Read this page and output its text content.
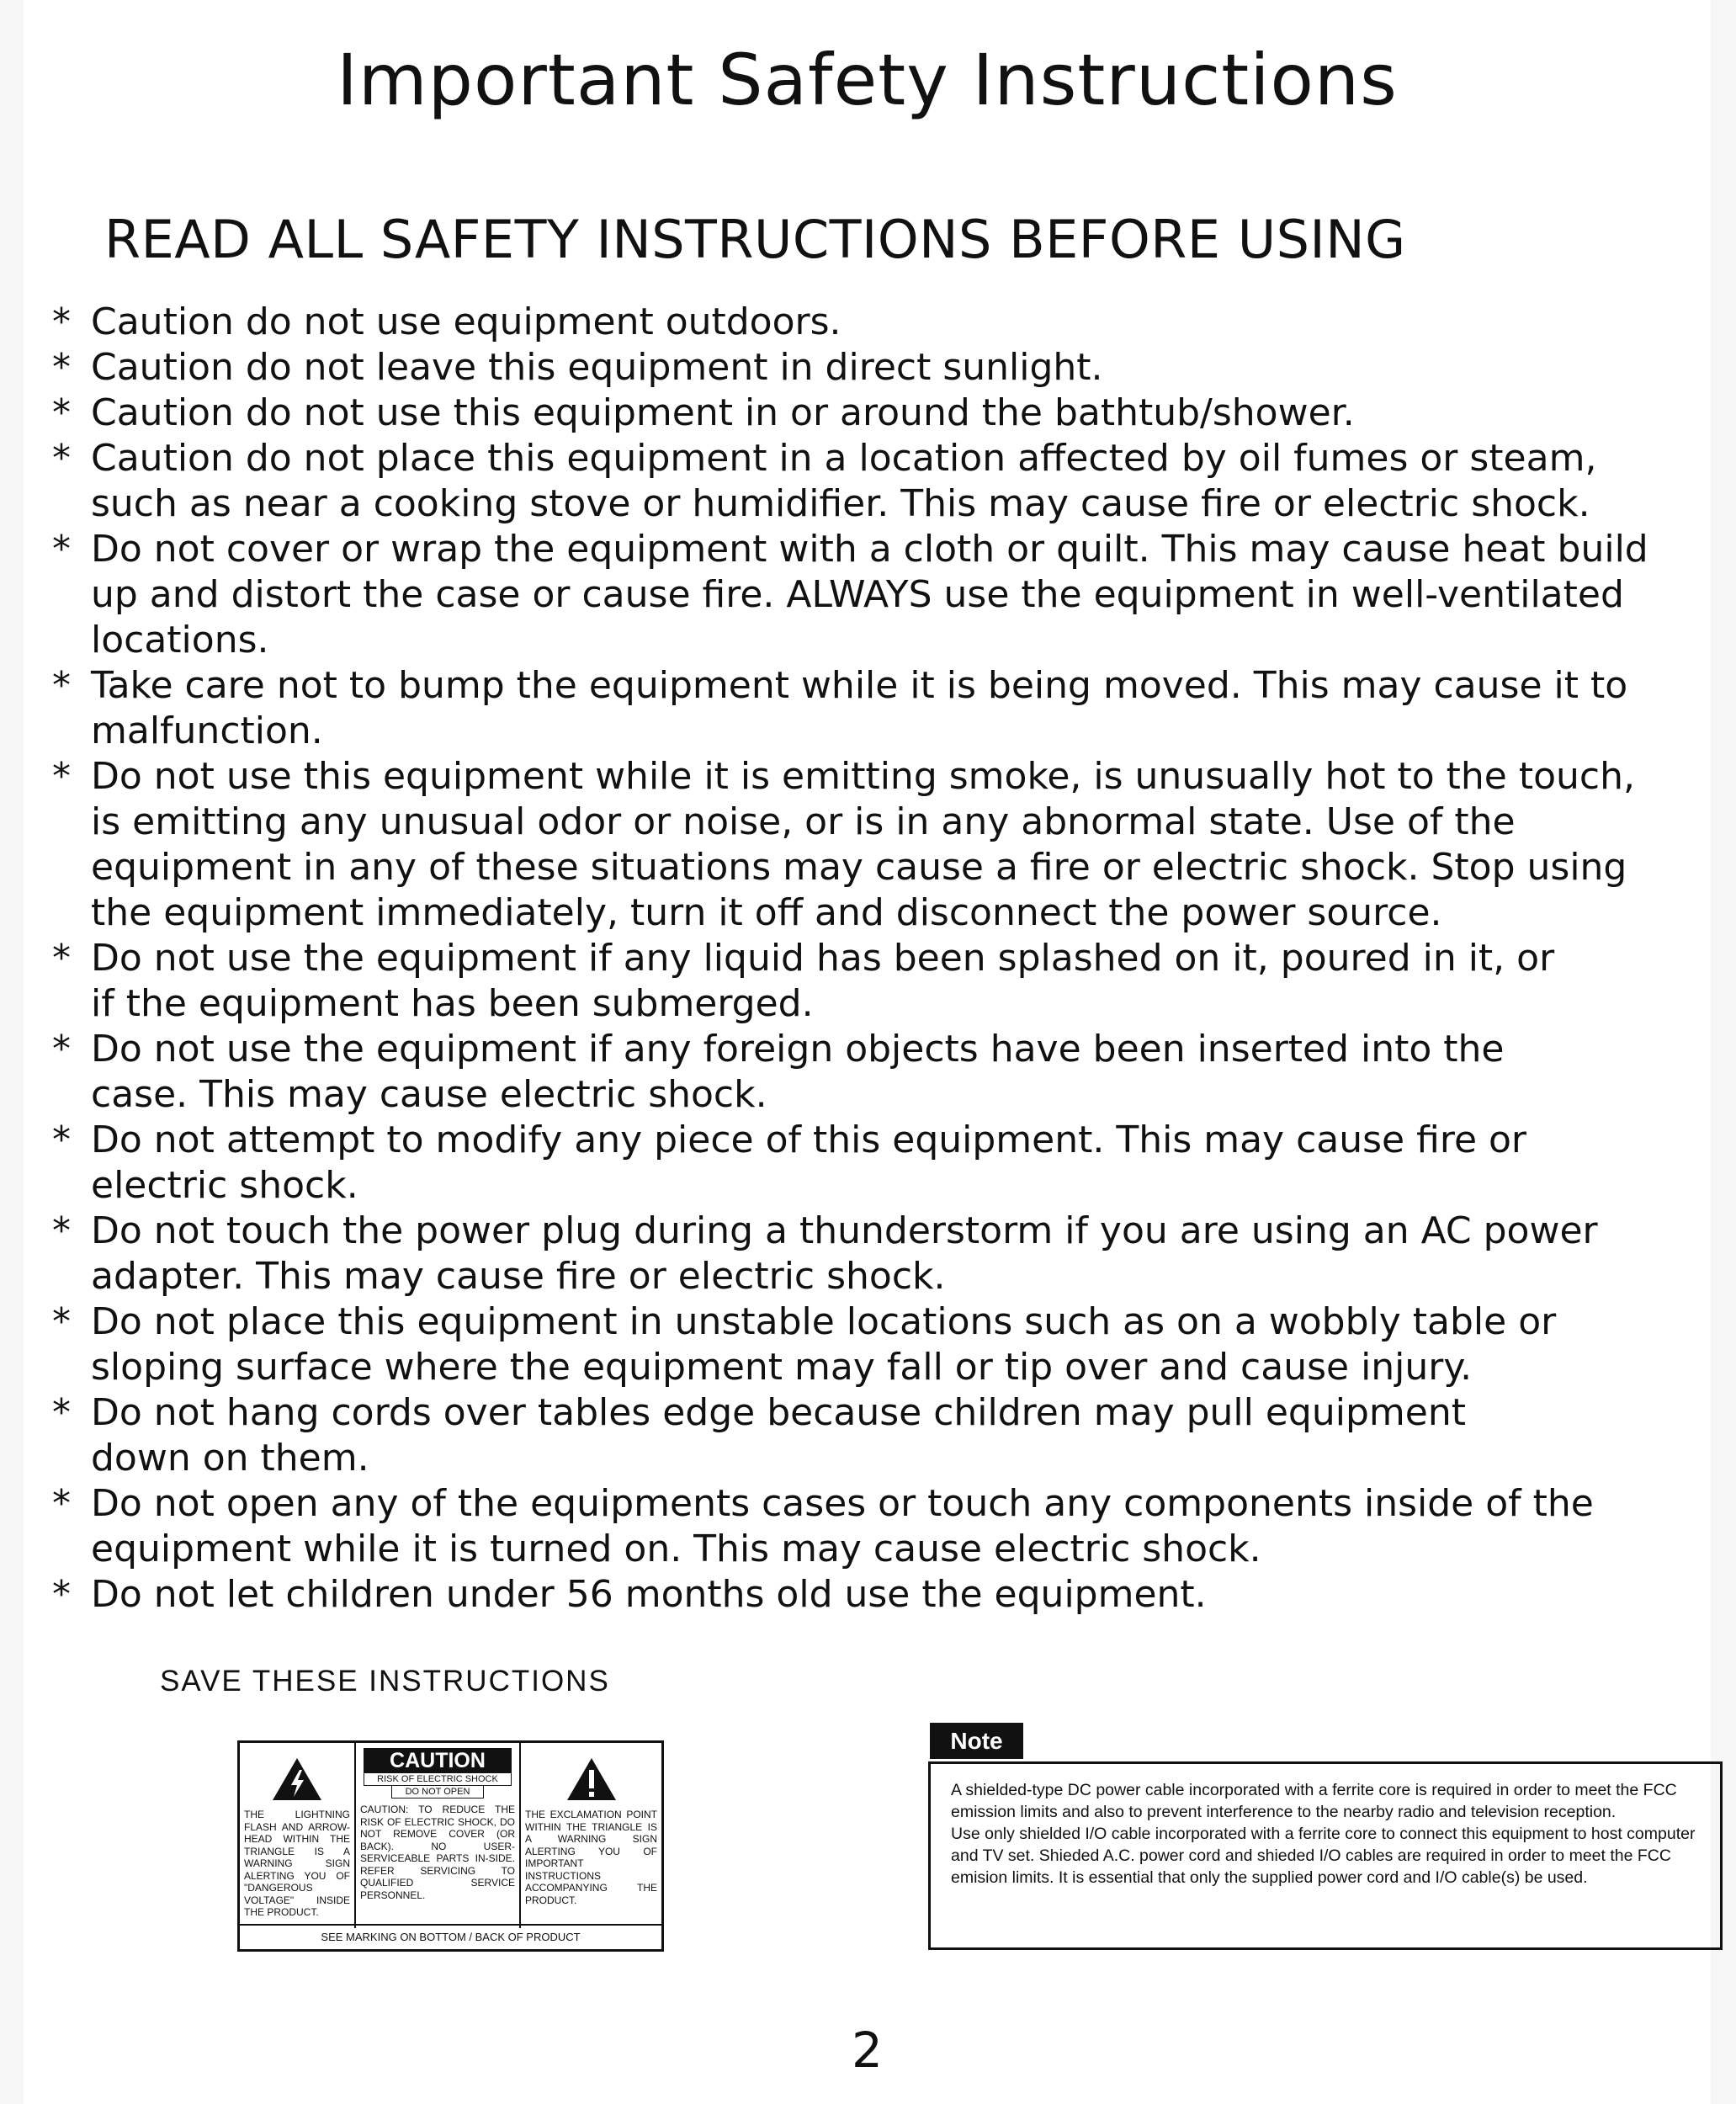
Important Safety Instructions
READ ALL SAFETY INSTRUCTIONS BEFORE USING
* Caution do not use equipment outdoors.
* Caution do not leave this equipment in direct sunlight.
* Caution do not use this equipment in or around the bathtub/shower.
* Caution do not place this equipment in a location affected by oil fumes or steam,
such as near a cooking stove or humidifier. This may cause fire or electric shock.
* Do not cover or wrap the equipment with a cloth or quilt. This may cause heat build
up and distort the case or cause fire. ALWAYS use the equipment in well-ventilated
locations.
* Take care not to bump the equipment while it is being moved. This may cause it to
malfunction.
* Do not use this equipment while it is emitting smoke, is unusually hot to the touch,
is emitting any unusual odor or noise, or is in any abnormal state. Use of the
equipment in any of these situations may cause a fire or electric shock. Stop using
the equipment immediately, turn it off and disconnect the power source.
* Do not use the equipment if any liquid has been splashed on it, poured in it, or
if the equipment has been submerged.
* Do not use the equipment if any foreign objects have been inserted into the
case. This may cause electric shock.
* Do not attempt to modify any piece of this equipment. This may cause fire or
electric shock.
* Do not touch the power plug during a thunderstorm if you are using an AC power
adapter. This may cause fire or electric shock.
* Do not place this equipment in unstable locations such as on a wobbly table or
sloping surface where the equipment may fall or tip over and cause injury.
* Do not hang cords over tables edge because children may pull equipment
down on them.
* Do not open any of the equipments cases or touch any components inside of the
equipment while it is turned on. This may cause electric shock.
* Do not let children under 56 months old use the equipment.
SAVE THESE INSTRUCTIONS
THE LIGHTNING FLASH AND ARROW-HEAD WITHIN THE TRIANGLE IS A WARNING SIGN ALERTING YOU OF "DANGEROUS VOLTAGE" INSIDE THE PRODUCT.
CAUTION
RISK OF ELECTRIC SHOCK
DO NOT OPEN
CAUTION: TO REDUCE THE RISK OF ELECTRIC SHOCK, DO NOT REMOVE COVER (OR BACK). NO USER-SERVICEABLE PARTS IN-SIDE. REFER SERVICING TO QUALIFIED SERVICE PERSONNEL.
THE EXCLAMATION POINT WITHIN THE TRIANGLE IS A WARNING SIGN ALERTING YOU OF IMPORTANT INSTRUCTIONS ACCOMPANYING THE PRODUCT.
SEE MARKING ON BOTTOM / BACK OF PRODUCT
Note

A shielded-type DC power cable incorporated with a ferrite core is required in order to meet the FCC emission limits and also to prevent interference to the nearby radio and television reception.

Use only shielded I/O cable incorporated with a ferrite core to connect this equipment to host computer and TV set. Shieded A.C. power cord and shieded I/O cables are required in order to meet the FCC emision limits. It is essential that only the supplied power cord and I/O cable(s) be used.

2
